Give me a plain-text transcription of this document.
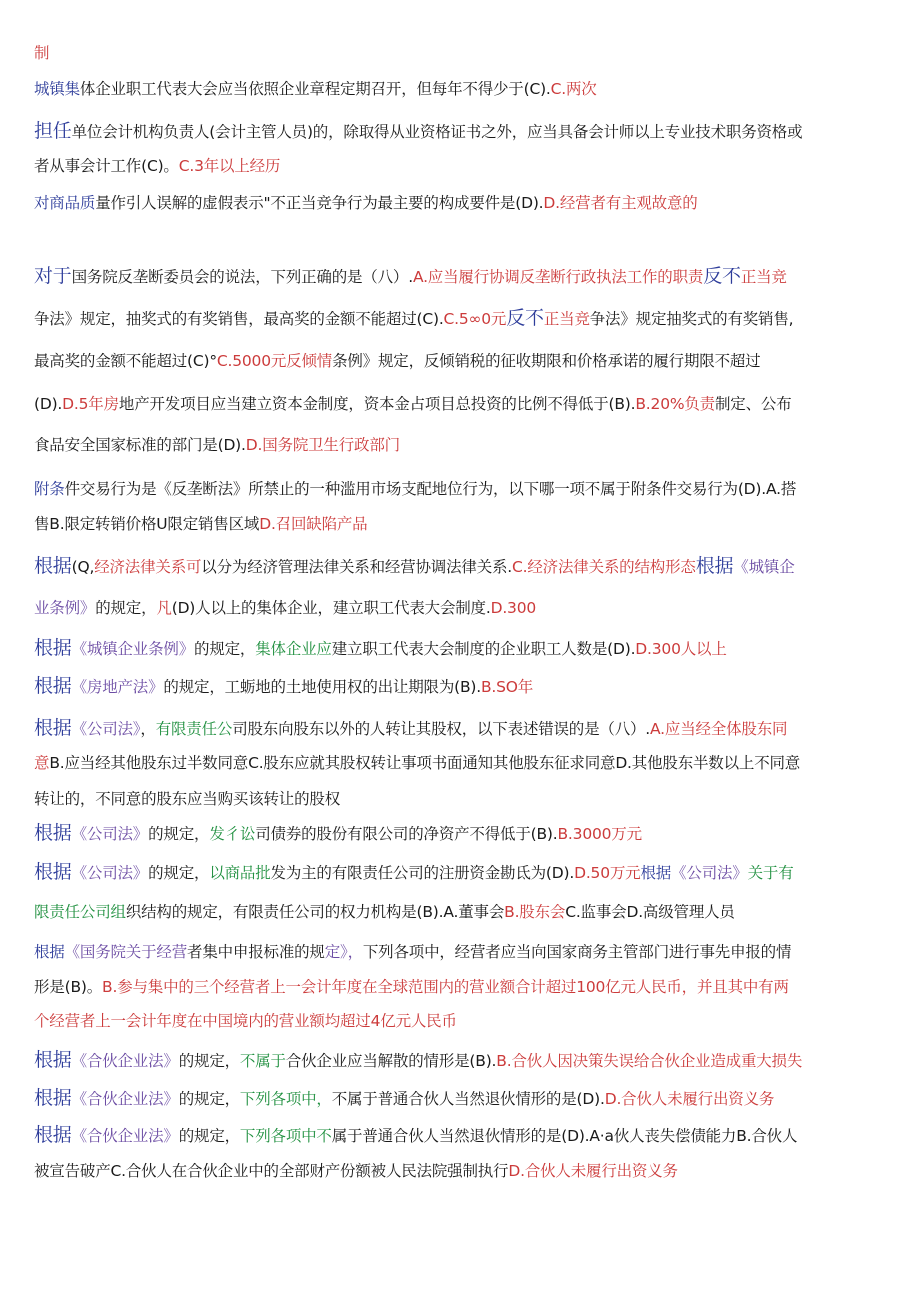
制
城镇集体企业职工代表大会应当依照企业章程定期召开，但每年不得少于(C).C.两次
担任单位会计机构负责人(会计主管人员)的，除取得从业资格证书之外，应当具备会计师以上专业技术职务资格或
者从事会计工作(C)。C.3年以上经历
对商品质量作引人误解的虚假表示"不正当竞争行为最主要的构成要件是(D).D.经营者有主观故意的
对于国务院反垄断委员会的说法，下列正确的是（八）.A.应当履行协调反垄断行政执法工作的职责反不正当竞
争法》规定，抽奖式的有奖销售，最高奖的金额不能超过(C).C.5∞0元反不正当竞争法》规定抽奖式的有奖销售,
最高奖的金额不能超过(C)°C.5000元反倾情条例》规定，反倾销税的征收期限和价格承诺的履行期限不超过
(D).D.5年房地产开发项目应当建立资本金制度，资本金占项目总投资的比例不得低于(B).B.20%负责制定、公布
食品安全国家标准的部门是(D).D.国务院卫生行政部门
附条件交易行为是《反垄断法》所禁止的一种滥用市场支配地位行为，以下哪一项不属于附条件交易行为(D).A.搭
售B.限定转销价格U限定销售区域D.召回缺陷产品
根据(Q,经济法律关系可以分为经济管理法律关系和经营协调法律关系.C.经济法律关系的结构形态根据《城镇企
业条例》的规定，凡(D)人以上的集体企业，建立职工代表大会制度.D.300
根据《城镇企业条例》的规定，集体企业应建立职工代表大会制度的企业职工人数是(D).D.300人以上
根据《房地产法》的规定，工蛎地的土地使用权的出让期限为(B).B.SO年
根据《公司法》，有限责任公司股东向股东以外的人转让其股权，以下表述错误的是（八）.A.应当经全体股东同
意B.应当经其他股东过半数同意C.股东应就其股权转让事项书面通知其他股东征求同意D.其他股东半数以上不同意
转让的，不同意的股东应当购买该转让的股权
根据《公司法》的规定，发彳讼司债券的股份有限公司的净资产不得低于(B).B.3000万元
根据《公司法》的规定，以商品批发为主的有限责任公司的注册资金勘氐为(D).D.50万元根据《公司法》关于有
限责任公司组织结构的规定，有限责任公司的权力机构是(B).A.董事会B.股东会C.监事会D.高级管理人员
根据《国务院关于经营者集中申报标准的规定》，下列各项中，经营者应当向国家商务主管部门进行事先申报的情
形是(B)。B.参与集中的三个经营者上一会计年度在全球范围内的营业额合计超过100亿元人民币，并且其中有两
个经营者上一会计年度在中国境内的营业额均超过4亿元人民币
根据《合伙企业法》的规定，不属于合伙企业应当解散的情形是(B).B.合伙人因决策失误给合伙企业造成重大损失
根据《合伙企业法》的规定，下列各项中，不属于普通合伙人当然退伙情形的是(D).D.合伙人未履行出资义务
根据《合伙企业法》的规定，下列各项中不属于普通合伙人当然退伙情形的是(D).A·a伙人丧失偿债能力B.合伙人
被宣告破产C.合伙人在合伙企业中的全部财产份额被人民法院强制执行D.合伙人未履行出资义务
